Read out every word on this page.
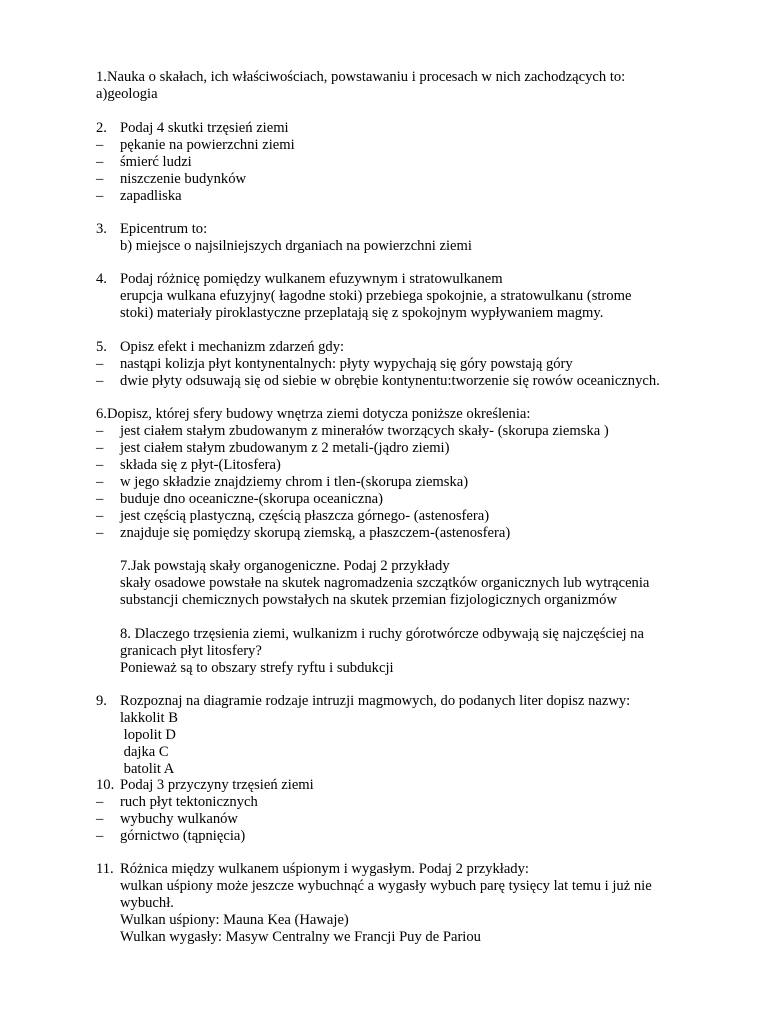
1.Nauka o skałach, ich właściwościach, powstawaniu i procesach w nich zachodzących to:
a)geologia
2. Podaj 4 skutki trzęsień ziemi
– pękanie na powierzchni ziemi
– śmierć ludzi
– niszczenie budynków
– zapadliska
3. Epicentrum to:
b) miejsce o najsilniejszych drganiach na powierzchni ziemi
4. Podaj różnicę pomiędzy wulkanem efuzywnym i stratowulkanem
erupcja wulkana efuzyjny( łagodne stoki) przebiega spokojnie, a stratowulkanu (strome
stoki) materiały piroklastyczne przeplatają się z spokojnym wypływaniem magmy.
5. Opisz efekt i mechanizm zdarzeń gdy:
– nastąpi kolizja płyt kontynentalnych: płyty wypychają się góry powstają góry
– dwie płyty odsuwają się od siebie w obrębie kontynentu:tworzenie się rowów oceanicznych.
6.Dopisz, której sfery budowy wnętrza ziemi dotycza poniższe określenia:
– jest ciałem stałym zbudowanym z minerałów tworzących skały- (skorupa ziemska )
– jest ciałem stałym zbudowanym z 2 metali-(jądro ziemi)
– składa się z płyt-(Litosfera)
– w jego składzie znajdziemy chrom i tlen-(skorupa ziemska)
– buduje dno oceaniczne-(skorupa oceaniczna)
– jest częścią plastyczną, częścią płaszcza górnego- (astenosfera)
– znajduje się pomiędzy skorupą ziemską, a płaszczem-(astenosfera)
7.Jak powstają skały organogeniczne. Podaj 2 przykłady
skały osadowe powstałe na skutek nagromadzenia szczątków organicznych lub wytrącenia
substancji chemicznych powstałych na skutek przemian fizjologicznych organizmów
8. Dlaczego trzęsienia ziemi, wulkanizm i ruchy górotwórcze odbywają się najczęściej na
granicach płyt litosfery?
Ponieważ są to obszary strefy ryftu i subdukcji
9. Rozpoznaj na diagramie rodzaje intruzji magmowych, do podanych liter dopisz nazwy:
lakkolit B
lopolit D
dajka C
batolit A
10. Podaj 3 przyczyny trzęsień ziemi
– ruch płyt tektonicznych
– wybuchy wulkanów
– górnictwo (tąpnięcia)
11. Różnica między wulkanem uśpionym i wygasłym. Podaj 2 przykłady:
wulkan uśpiony może jeszcze wybuchnąć a wygasły wybuch parę tysięcy lat temu i już nie
wybuchł.
Wulkan uśpiony: Mauna Kea (Hawaje)
Wulkan wygasły: Masyw Centralny we Francji Puy de Pariou
